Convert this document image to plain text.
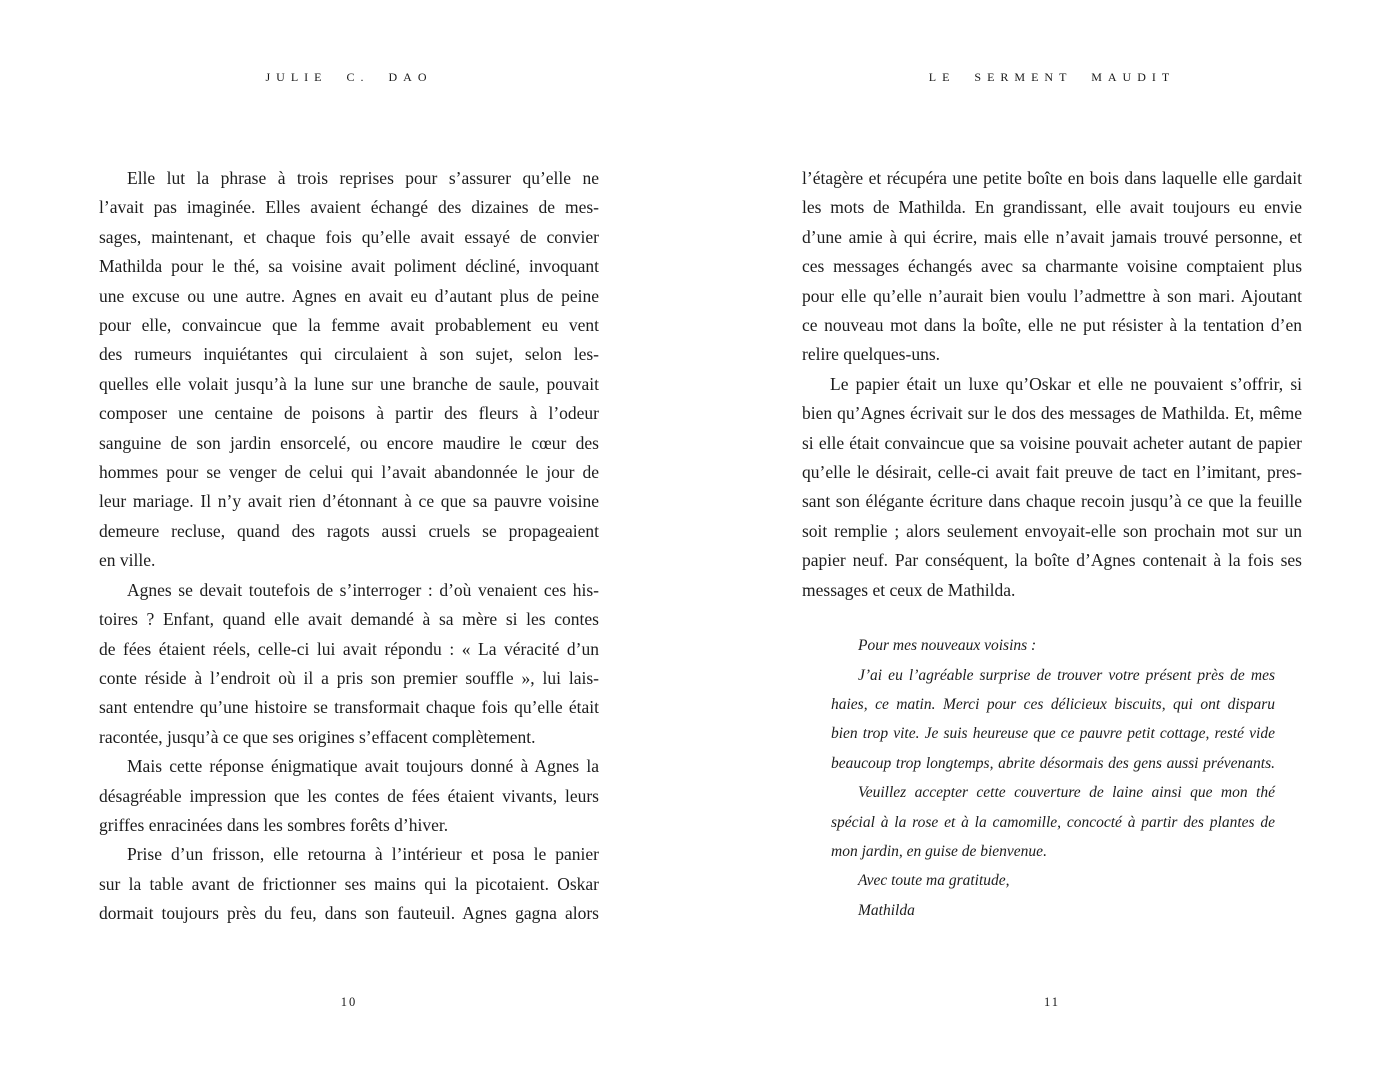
JULIE C. DAO	LE SERMENT MAUDIT
Elle lut la phrase à trois reprises pour s’assurer qu’elle ne
l’avait pas imaginée. Elles avaient échangé des dizaines de mes-
sages, maintenant, et chaque fois qu’elle avait essayé de convier
Mathilda pour le thé, sa voisine avait poliment décliné, invoquant
une excuse ou une autre. Agnes en avait eu d’autant plus de peine
pour elle, convaincue que la femme avait probablement eu vent
des rumeurs inquiétantes qui circulaient à son sujet, selon les-
quelles elle volait jusqu’à la lune sur une branche de saule, pouvait
composer une centaine de poisons à partir des fleurs à l’odeur
sanguine de son jardin ensorcelé, ou encore maudire le cœur des
hommes pour se venger de celui qui l’avait abandonnée le jour de
leur mariage. Il n’y avait rien d’étonnant à ce que sa pauvre voisine
demeure recluse, quand des ragots aussi cruels se propageaient
en ville.
Agnes se devait toutefois de s’interroger : d’où venaient ces his-
toires ? Enfant, quand elle avait demandé à sa mère si les contes
de fées étaient réels, celle-ci lui avait répondu : « La véracité d’un
conte réside à l’endroit où il a pris son premier souffle », lui lais-
sant entendre qu’une histoire se transformait chaque fois qu’elle était
racontée, jusqu’à ce que ses origines s’effacent complètement.
Mais cette réponse énigmatique avait toujours donné à Agnes la
désagréable impression que les contes de fées étaient vivants, leurs
griffes enracinées dans les sombres forêts d’hiver.
Prise d’un frisson, elle retourna à l’intérieur et posa le panier
sur la table avant de frictionner ses mains qui la picotaient. Oskar
dormait toujours près du feu, dans son fauteuil. Agnes gagna alors
l’étagère et récupéra une petite boîte en bois dans laquelle elle gardait
les mots de Mathilda. En grandissant, elle avait toujours eu envie
d’une amie à qui écrire, mais elle n’avait jamais trouvé personne, et
ces messages échangés avec sa charmante voisine comptaient plus
pour elle qu’elle n’aurait bien voulu l’admettre à son mari. Ajoutant
ce nouveau mot dans la boîte, elle ne put résister à la tentation d’en
relire quelques-uns.
Le papier était un luxe qu’Oskar et elle ne pouvaient s’offrir, si
bien qu’Agnes écrivait sur le dos des messages de Mathilda. Et, même
si elle était convaincue que sa voisine pouvait acheter autant de papier
qu’elle le désirait, celle-ci avait fait preuve de tact en l’imitant, pres-
sant son élégante écriture dans chaque recoin jusqu’à ce que la feuille
soit remplie ; alors seulement envoyait-elle son prochain mot sur un
papier neuf. Par conséquent, la boîte d’Agnes contenait à la fois ses
messages et ceux de Mathilda.
Pour mes nouveaux voisins :
J’ai eu l’agréable surprise de trouver votre présent près de mes
haies, ce matin. Merci pour ces délicieux biscuits, qui ont disparu
bien trop vite. Je suis heureuse que ce pauvre petit cottage, resté vide
beaucoup trop longtemps, abrite désormais des gens aussi prévenants.
Veuillez accepter cette couverture de laine ainsi que mon thé
spécial à la rose et à la camomille, concocté à partir des plantes de
mon jardin, en guise de bienvenue.
Avec toute ma gratitude,
Mathilda
10	11
